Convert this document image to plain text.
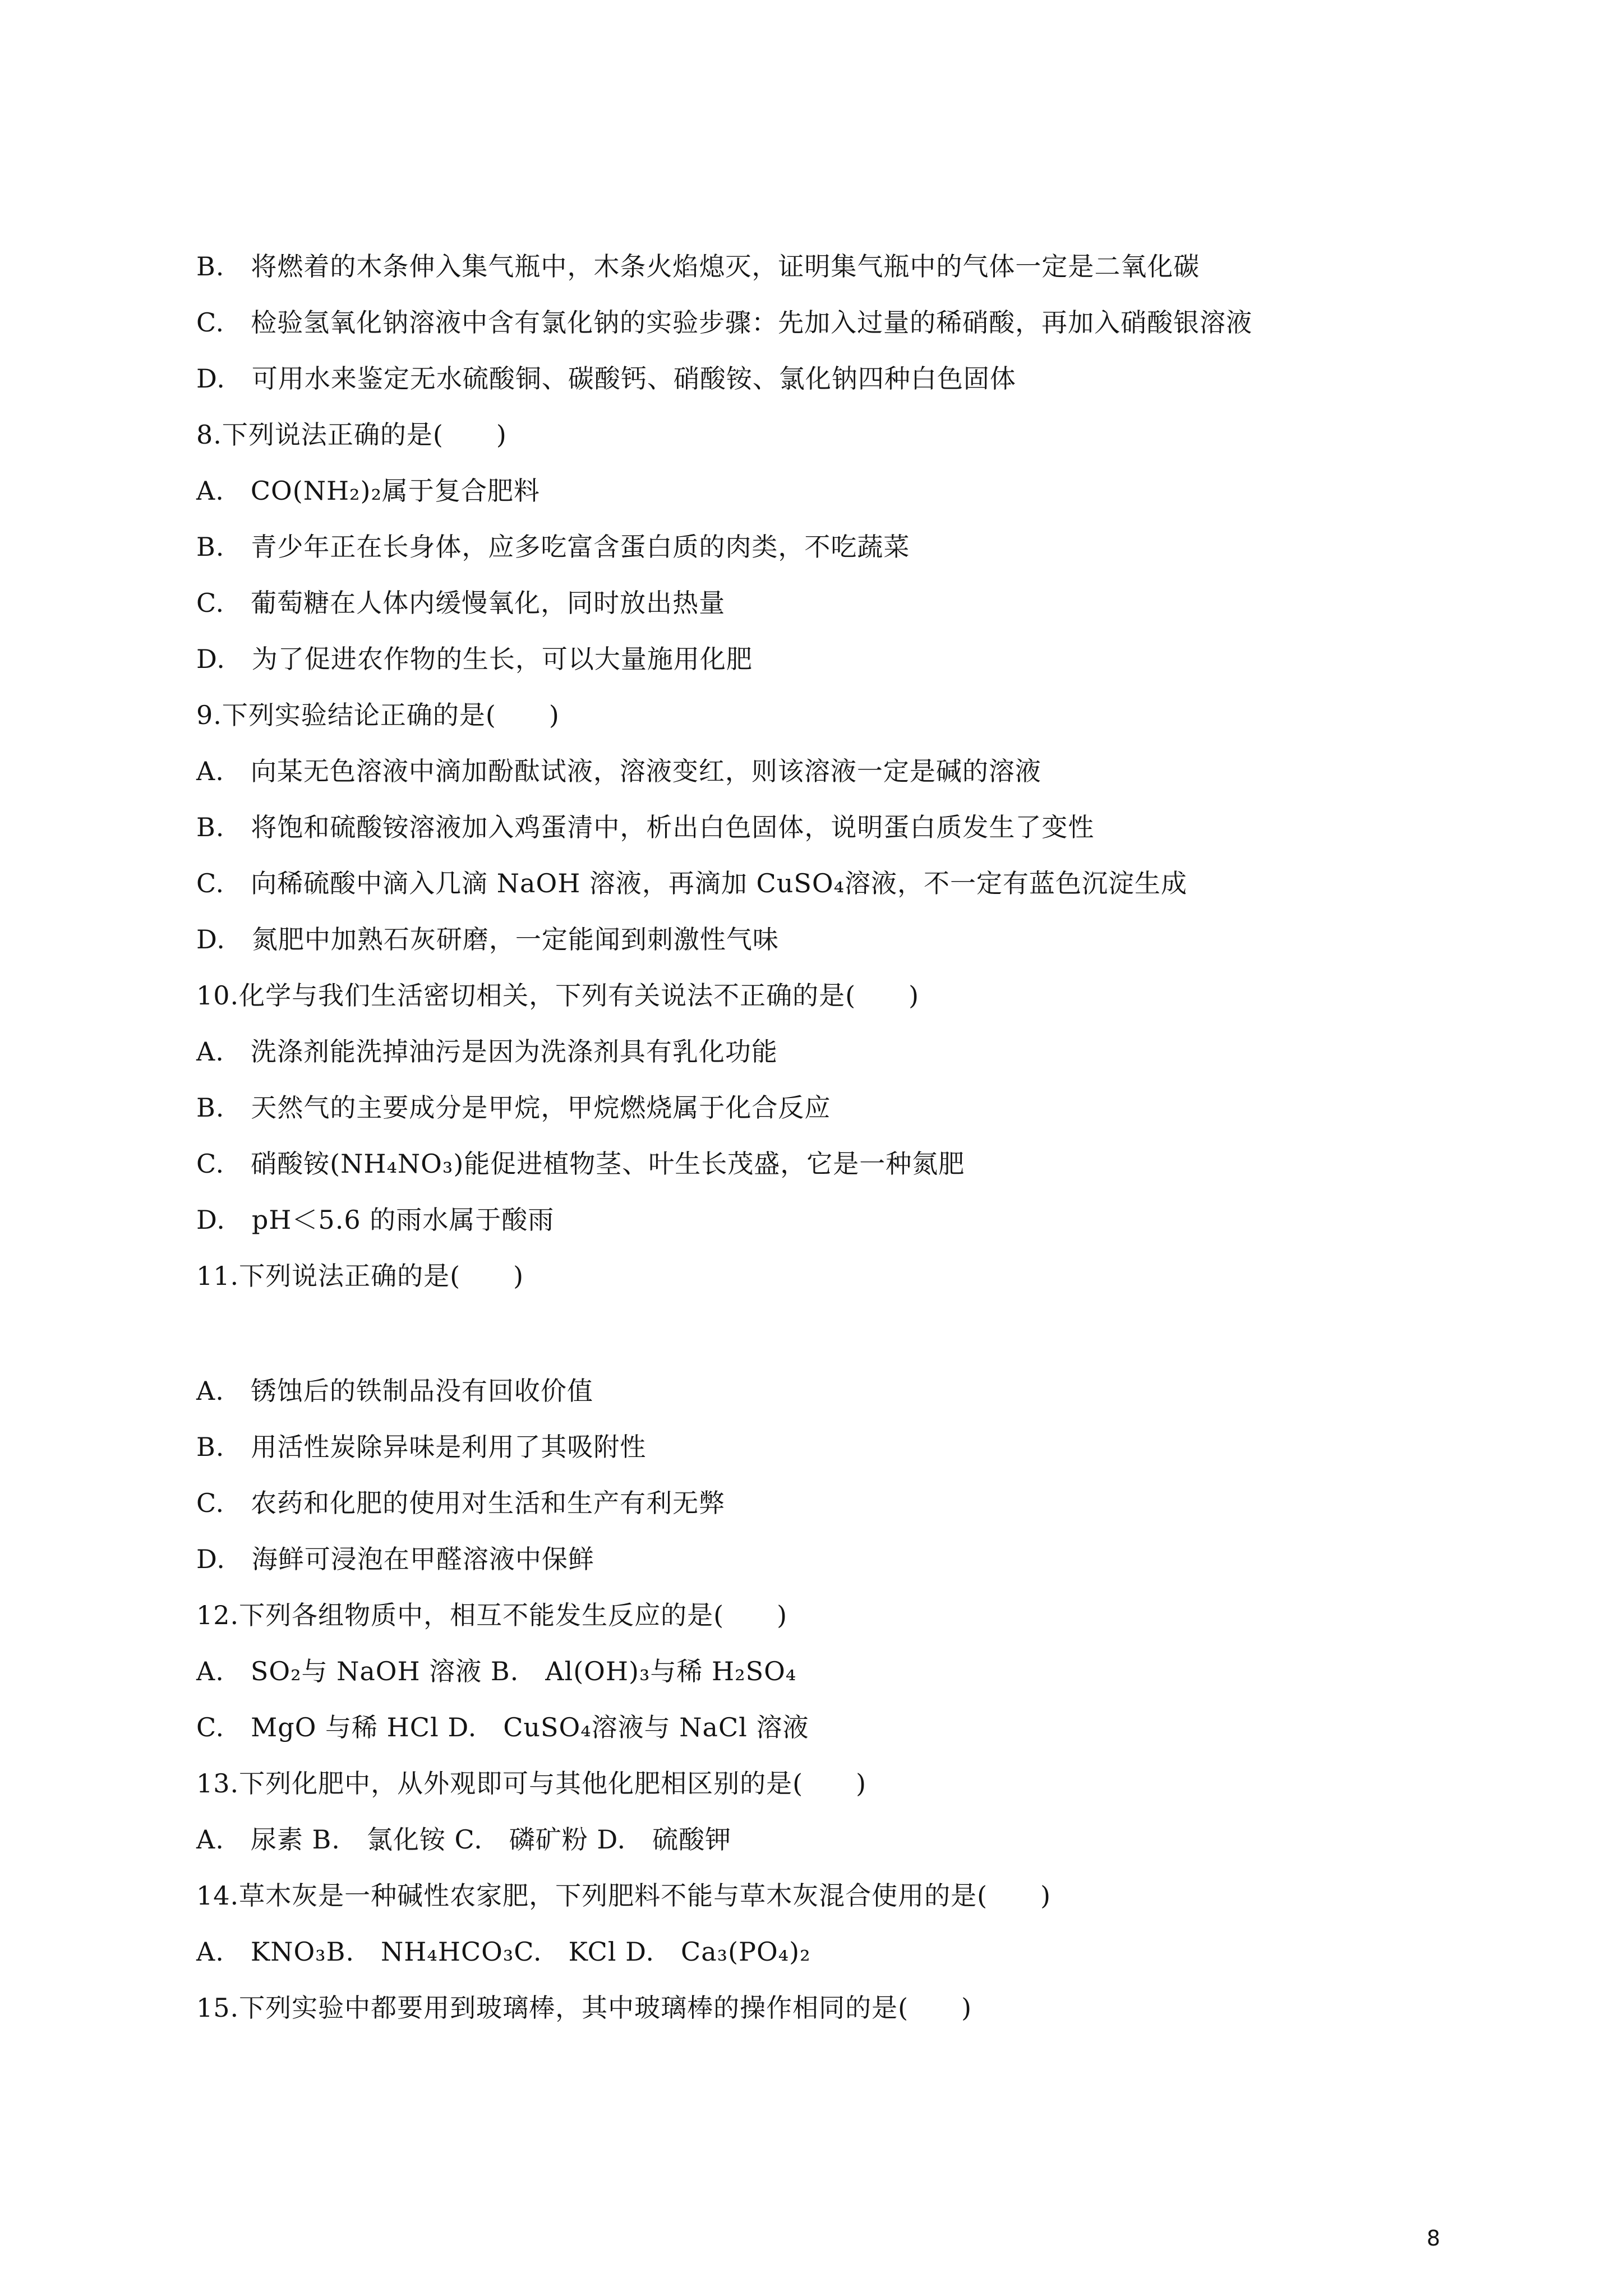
B.　将燃着的木条伸入集气瓶中，木条火焰熄灭，证明集气瓶中的气体一定是二氧化碳
C.　检验氢氧化钠溶液中含有氯化钠的实验步骤：先加入过量的稀硝酸，再加入硝酸银溶液
D.　可用水来鉴定无水硫酸铜、碳酸钙、硝酸铵、氯化钠四种白色固体
8.下列说法正确的是(　　)
A.　CO(NH₂)₂属于复合肥料
B.　青少年正在长身体，应多吃富含蛋白质的肉类，不吃蔬菜
C.　葡萄糖在人体内缓慢氧化，同时放出热量
D.　为了促进农作物的生长，可以大量施用化肥
9.下列实验结论正确的是(　　)
A.　向某无色溶液中滴加酚酞试液，溶液变红，则该溶液一定是碱的溶液
B.　将饱和硫酸铵溶液加入鸡蛋清中，析出白色固体，说明蛋白质发生了变性
C.　向稀硫酸中滴入几滴 NaOH 溶液，再滴加 CuSO₄溶液，不一定有蓝色沉淀生成
D.　氮肥中加熟石灰研磨，一定能闻到刺激性气味
10.化学与我们生活密切相关，下列有关说法不正确的是(　　)
A.　洗涤剂能洗掉油污是因为洗涤剂具有乳化功能
B.　天然气的主要成分是甲烷，甲烷燃烧属于化合反应
C.　硝酸铵(NH₄NO₃)能促进植物茎、叶生长茂盛，它是一种氮肥
D.　pH＜5.6 的雨水属于酸雨
11.下列说法正确的是(　　)
A.　锈蚀后的铁制品没有回收价值
B.　用活性炭除异味是利用了其吸附性
C.　农药和化肥的使用对生活和生产有利无弊
D.　海鲜可浸泡在甲醛溶液中保鲜
12.下列各组物质中，相互不能发生反应的是(　　)
A.　SO₂与 NaOH 溶液 B.　Al(OH)₃与稀 H₂SO₄
C.　MgO 与稀 HCl D.　CuSO₄溶液与 NaCl 溶液
13.下列化肥中，从外观即可与其他化肥相区别的是(　　)
A.　尿素 B.　氯化铵 C.　磷矿粉 D.　硫酸钾
14.草木灰是一种碱性农家肥，下列肥料不能与草木灰混合使用的是(　　)
A.　KNO₃B.　NH₄HCO₃C.　KCl D.　Ca₃(PO₄)₂
15.下列实验中都要用到玻璃棒，其中玻璃棒的操作相同的是(　　)
8
